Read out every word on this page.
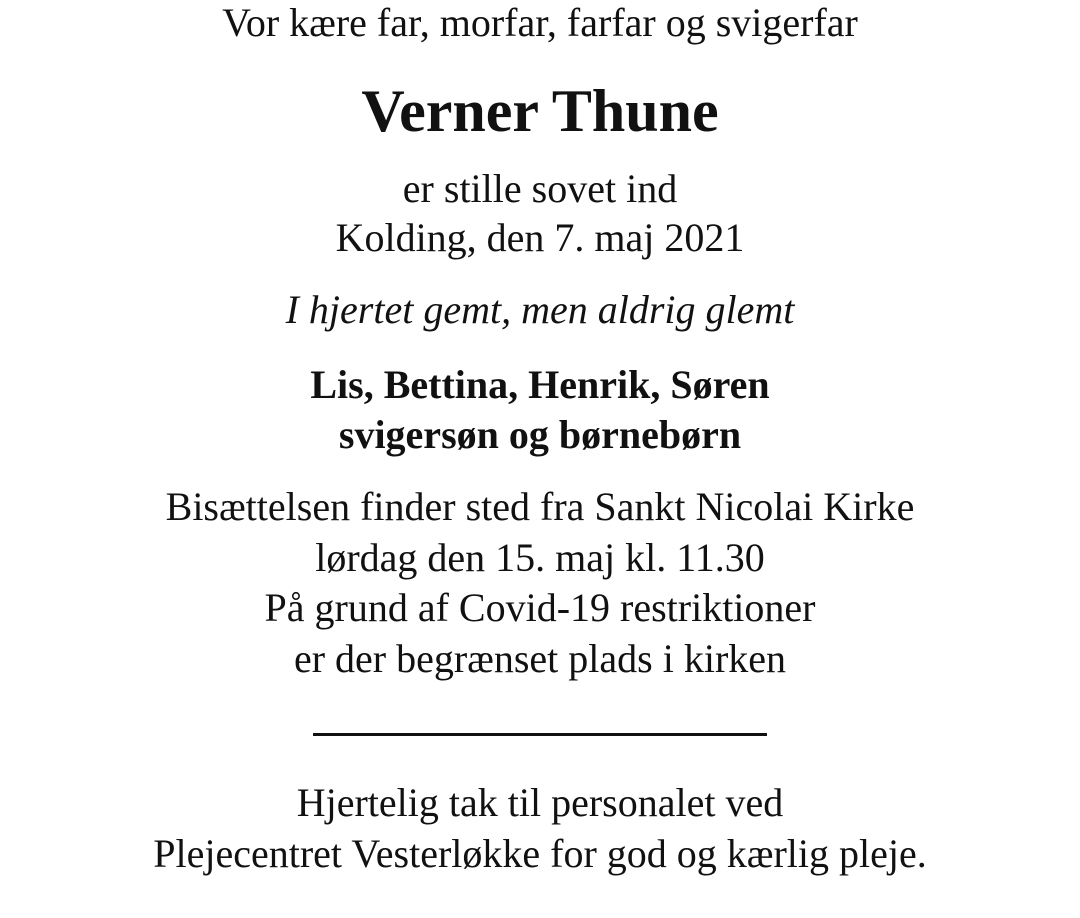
Vor kære far, morfar, farfar og svigerfar
Verner Thune
er stille sovet ind
Kolding, den 7. maj 2021
I hjertet gemt, men aldrig glemt
Lis, Bettina, Henrik, Søren
svigersøn og børnebørn
Bisættelsen finder sted fra Sankt Nicolai Kirke
lørdag den 15. maj kl. 11.30
På grund af Covid-19 restriktioner
er der begrænset plads i kirken
Hjertelig tak til personalet ved
Plejecentret Vesterløkke for god og kærlig pleje.
